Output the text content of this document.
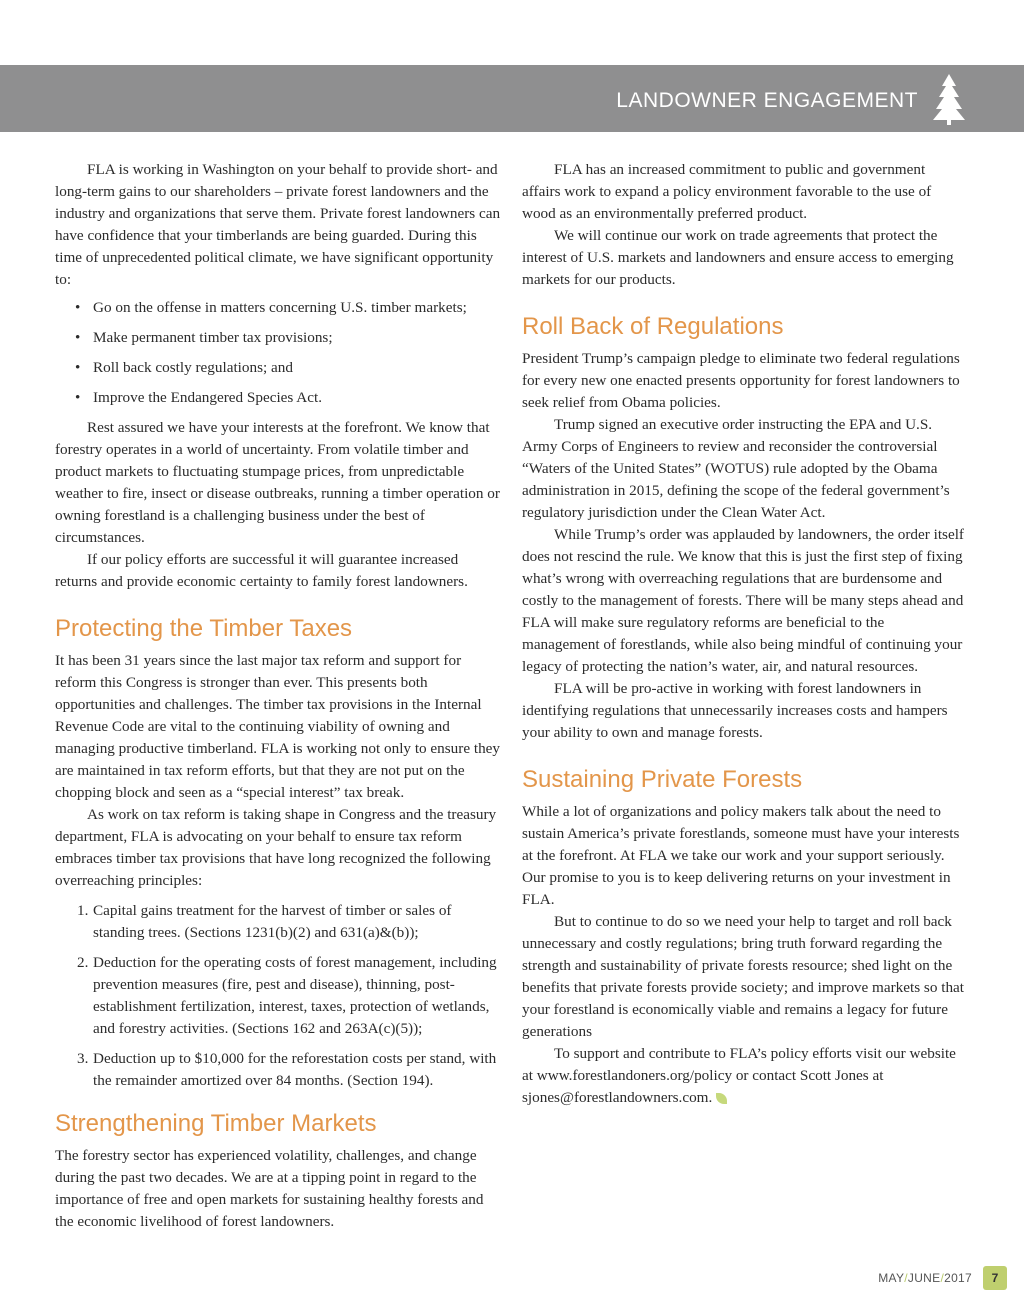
LANDOWNER ENGAGEMENT

FLA is working in Washington on your behalf to provide short- and long-term gains to our shareholders – private forest landowners and the industry and organizations that serve them. Private forest landowners can have confidence that your timberlands are being guarded. During this time of unprecedented political climate, we have significant opportunity to:

• Go on the offense in matters concerning U.S. timber markets;
• Make permanent timber tax provisions;
• Roll back costly regulations; and
• Improve the Endangered Species Act.

Rest assured we have your interests at the forefront. We know that forestry operates in a world of uncertainty. From volatile timber and product markets to fluctuating stumpage prices, from unpredictable weather to fire, insect or disease outbreaks, running a timber operation or owning forestland is a challenging business under the best of circumstances.

If our policy efforts are successful it will guarantee increased returns and provide economic certainty to family forest landowners.

Protecting the Timber Taxes

It has been 31 years since the last major tax reform and support for reform this Congress is stronger than ever. This presents both opportunities and challenges. The timber tax provisions in the Internal Revenue Code are vital to the continuing viability of owning and managing productive timberland. FLA is working not only to ensure they are maintained in tax reform efforts, but that they are not put on the chopping block and seen as a “special interest” tax break.

As work on tax reform is taking shape in Congress and the treasury department, FLA is advocating on your behalf to ensure tax reform embraces timber tax provisions that have long recognized the following overreaching principles:

1. Capital gains treatment for the harvest of timber or sales of standing trees. (Sections 1231(b)(2) and 631(a)&(b));
2. Deduction for the operating costs of forest management, including prevention measures (fire, pest and disease), thinning, post-establishment fertilization, interest, taxes, protection of wetlands, and forestry activities. (Sections 162 and 263A(c)(5));
3. Deduction up to $10,000 for the reforestation costs per stand, with the remainder amortized over 84 months. (Section 194).
Strengthening Timber Markets

The forestry sector has experienced volatility, challenges, and change during the past two decades. We are at a tipping point in regard to the importance of free and open markets for sustaining healthy forests and the economic livelihood of forest landowners.

FLA has an increased commitment to public and government affairs work to expand a policy environment favorable to the use of wood as an environmentally preferred product.

We will continue our work on trade agreements that protect the interest of U.S. markets and landowners and ensure access to emerging markets for our products.

Roll Back of Regulations

President Trump’s campaign pledge to eliminate two federal regulations for every new one enacted presents opportunity for forest landowners to seek relief from Obama policies.

Trump signed an executive order instructing the EPA and U.S. Army Corps of Engineers to review and reconsider the controversial “Waters of the United States” (WOTUS) rule adopted by the Obama administration in 2015, defining the scope of the federal government’s regulatory jurisdiction under the Clean Water Act.

While Trump’s order was applauded by landowners, the order itself does not rescind the rule. We know that this is just the first step of fixing what’s wrong with overreaching regulations that are burdensome and costly to the management of forests. There will be many steps ahead and FLA will make sure regulatory reforms are beneficial to the management of forestlands, while also being mindful of continuing your legacy of protecting the nation’s water, air, and natural resources.

FLA will be pro-active in working with forest landowners in identifying regulations that unnecessarily increases costs and hampers your ability to own and manage forests.

Sustaining Private Forests

While a lot of organizations and policy makers talk about the need to sustain America’s private forestlands, someone must have your interests at the forefront. At FLA we take our work and your support seriously. Our promise to you is to keep delivering returns on your investment in FLA.

But to continue to do so we need your help to target and roll back unnecessary and costly regulations; bring truth forward regarding the strength and sustainability of private forests resource; shed light on the benefits that private forests provide society; and improve markets so that your forestland is economically viable and remains a legacy for future generations

To support and contribute to FLA’s policy efforts visit our website at www.forestlandoners.org/policy or contact Scott Jones at sjones@forestlandowners.com.

MAY/JUNE/2017	7
